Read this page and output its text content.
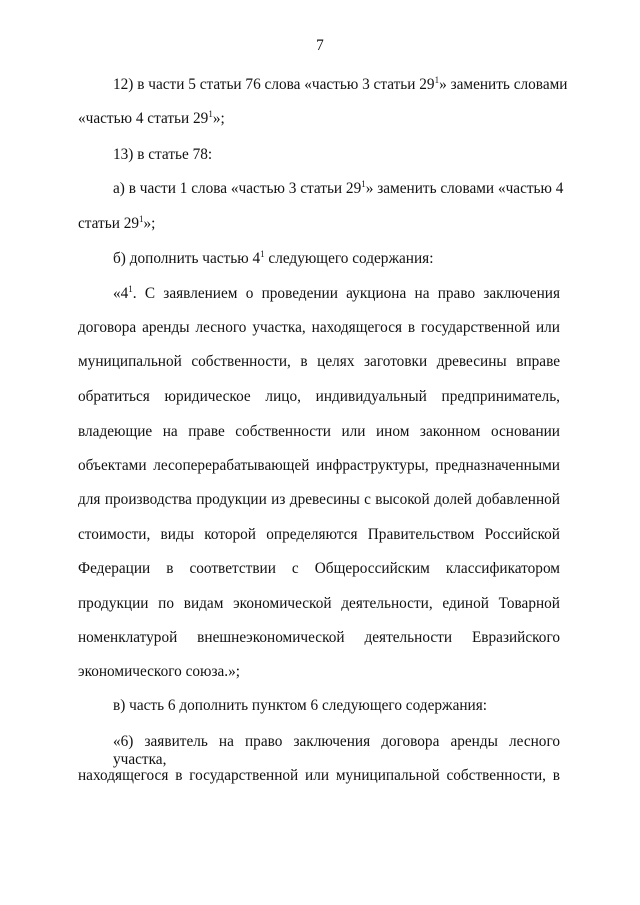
7
12) в части 5 статьи 76 слова «частью 3 статьи $29^1$» заменить словами
«частью 4 статьи $29^1$»;
13) в статье 78:
а) в части 1 слова «частью 3 статьи $29^1$» заменить словами «частью 4
статьи $29^1$»;
б) дополнить частью $4^1$ следующего содержания:
«$4^1$. С заявлением о проведении аукциона на право заключения
договора аренды лесного участка, находящегося в государственной или
муниципальной собственности, в целях заготовки древесины вправе
обратиться юридическое лицо, индивидуальный предприниматель,
владеющие на праве собственности или ином законном основании
объектами лесоперерабатывающей инфраструктуры, предназначенными
для производства продукции из древесины с высокой долей добавленной
стоимости, виды которой определяются Правительством Российской
Федерации в соответствии с Общероссийским классификатором
продукции по видам экономической деятельности, единой Товарной
номенклатурой внешнеэкономической деятельности Евразийского
экономического союза.»;
в) часть 6 дополнить пунктом 6 следующего содержания:
«6) заявитель на право заключения договора аренды лесного участка,
находящегося в государственной или муниципальной собственности, в
